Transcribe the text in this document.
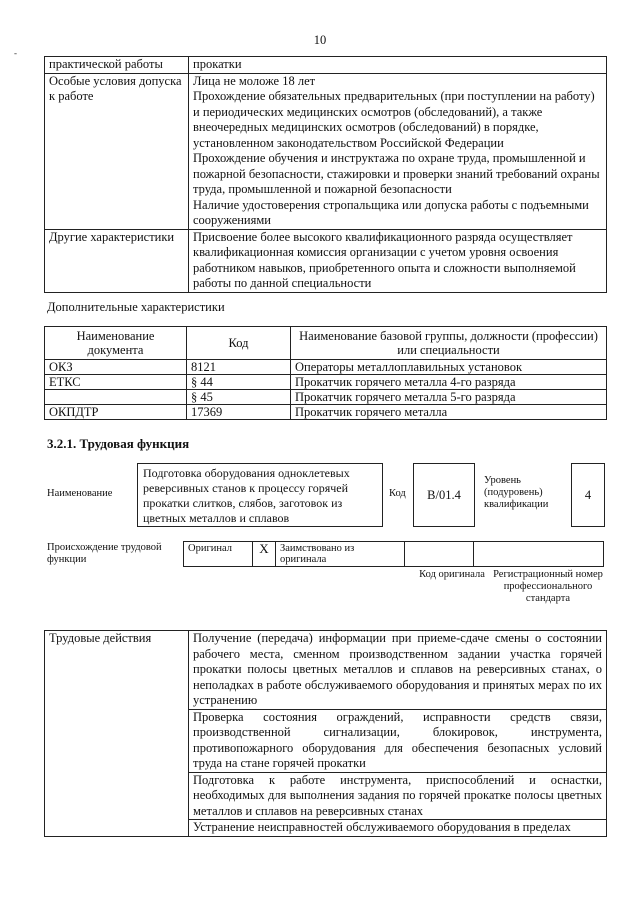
10
-
практической работы	прокатки

Особые условия допуска к работе	Лица не моложе 18 лет

Прохождение обязательных предварительных (при поступлении на работу) и периодических медицинских осмотров (обследований), а также внеочередных медицинских осмотров (обследований) в порядке, установленном законодательством Российской Федерации

Прохождение обучения и инструктажа по охране труда, промышленной и пожарной безопасности, стажировки и проверки знаний требований охраны труда, промышленной и пожарной безопасности

Наличие удостоверения стропальщика или допуска работы с подъемными сооружениями

Другие характеристики	Присвоение более высокого квалификационного разряда осуществляет квалификационная комиссия организации с учетом уровня освоения работником навыков, приобретенного опыта и сложности выполняемой работы по данной специальности

Дополнительные характеристики
Наименование документа	Код	Наименование базовой группы, должности (профессии) или специальности
ОКЗ	8121	Операторы металлоплавильных установок
ЕТКС	§ 44	Прокатчик горячего металла 4-го разряда
	§ 45	Прокатчик горячего металла 5-го разряда
ОКПДТР	17369	Прокатчик горячего металла
3.2.1. Трудовая функция
Наименование
Подготовка оборудования одноклетевых реверсивных станов к процессу горячей прокатки слитков, слябов, заготовок из цветных металлов и сплавов
Код	В/01.4
Уровень (подуровень) квалификации
4
Происхождение трудовой функции
Оригинал	X	Заимствовано из оригинала		
Код оригинала Регистрационный номер профессионального стандарта
Трудовые действия	Получение (передача) информации при приеме-сдаче смены о состоянии рабочего места, сменном производственном задании участка горячей прокатки полосы цветных металлов и сплавов на реверсивных станах, о неполадках в работе обслуживаемого оборудования и принятых мерах по их устранению
Проверка состояния ограждений, исправности средств связи, производственной сигнализации, блокировок, инструмента, противопожарного оборудования для обеспечения безопасных условий труда на стане горячей прокатки
Подготовка к работе инструмента, приспособлений и оснастки, необходимых для выполнения задания по горячей прокатке полосы цветных металлов и сплавов на реверсивных станах
Устранение неисправностей обслуживаемого оборудования в пределах
